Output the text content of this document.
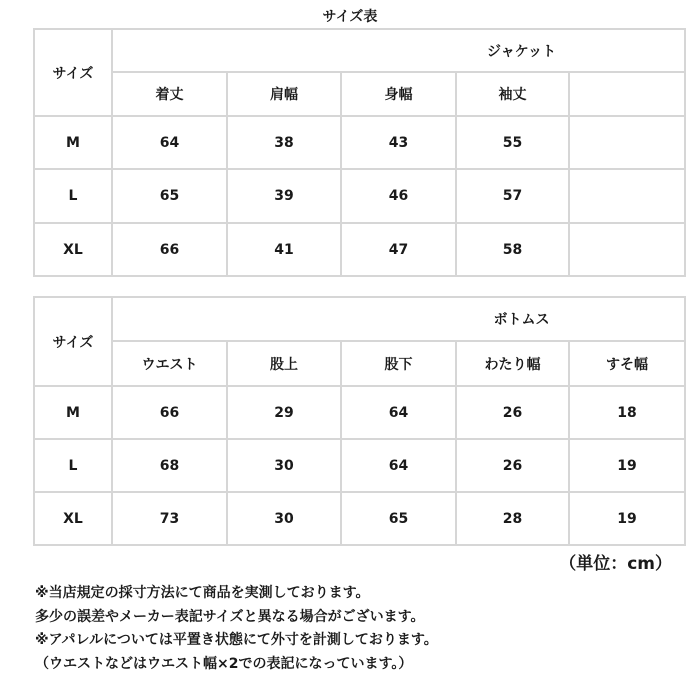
サイズ表
サイズ	ジャケット				
	着丈	肩幅	身幅	袖丈	
M	64	38	43	55	
L	65	39	46	57	
XL	66	41	47	58	
サイズ	ボトムス				
	ウエスト	股上	股下	わたり幅	すそ幅
M	66	29	64	26	18
L	68	30	64	26	19
XL	73	30	65	28	19
（単位：cm）
※当店規定の採寸方法にて商品を実測しております。
多少の誤差やメーカー表記サイズと異なる場合がございます。
※アパレルについては平置き状態にて外寸を計測しております。
（ウエストなどはウエスト幅×2での表記になっています。）
